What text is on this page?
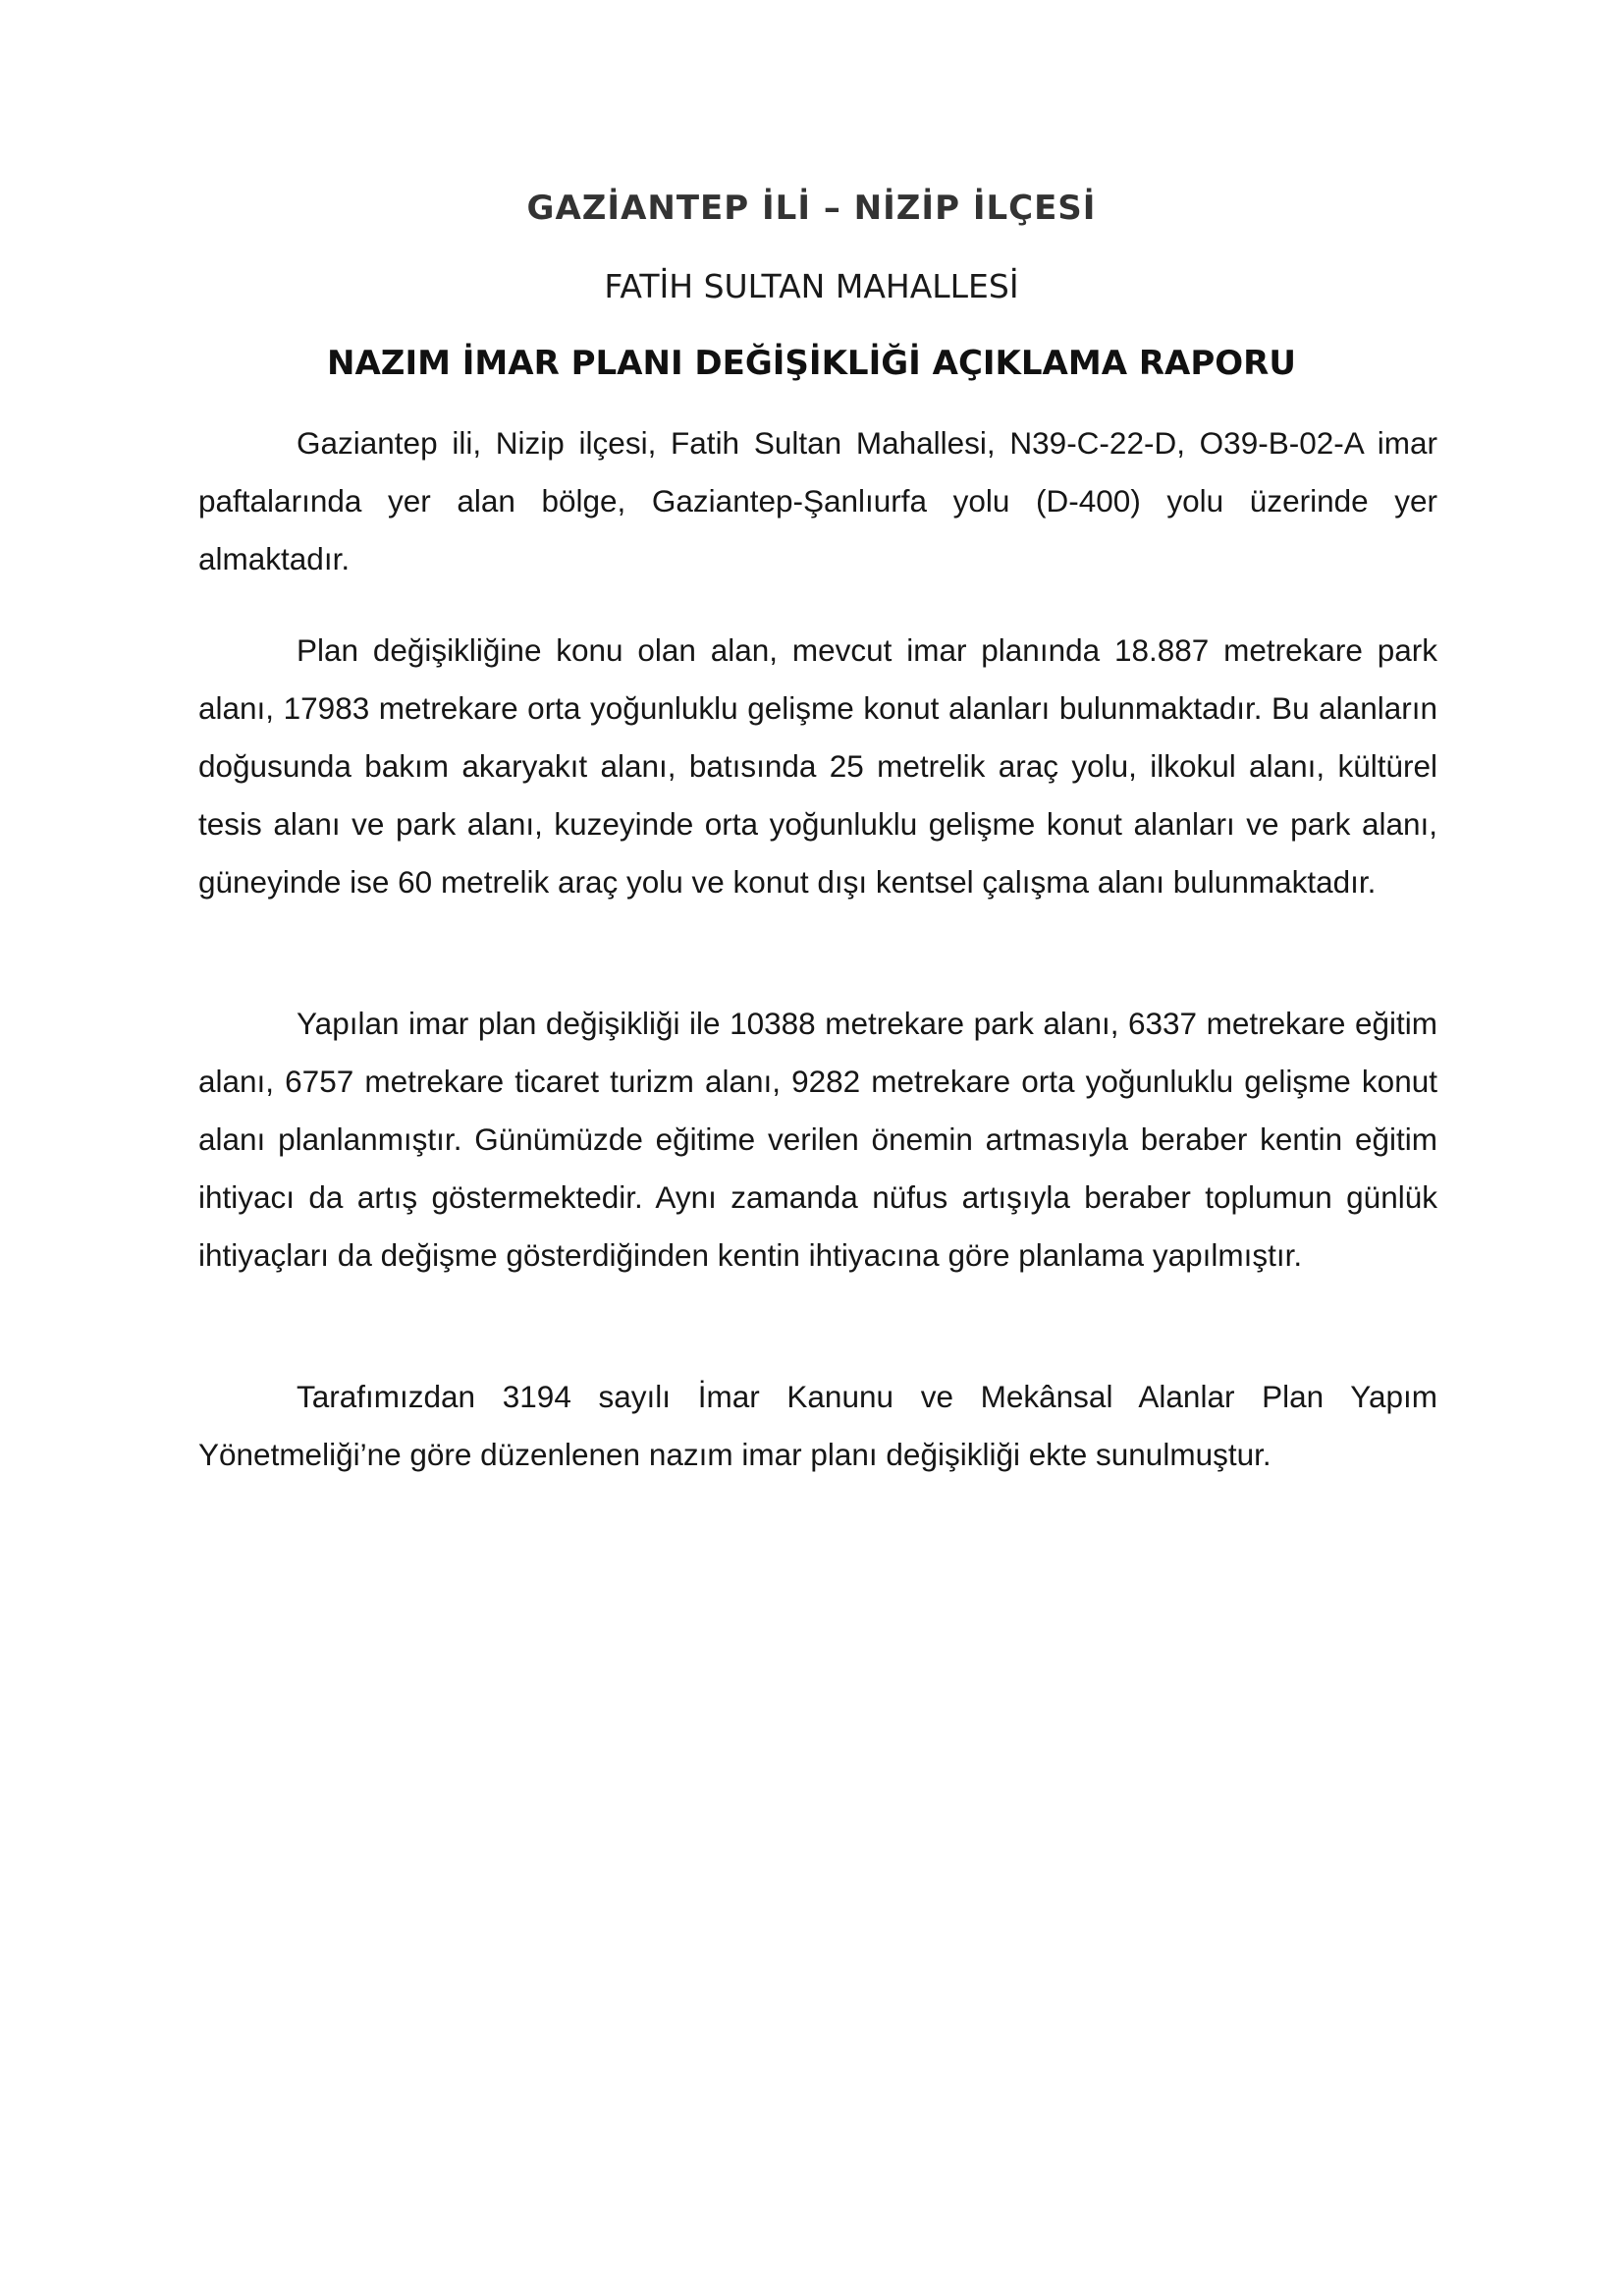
GAZİANTEP İLİ – NİZİP İLÇESİ
FATİH SULTAN MAHALLESİ
NAZIM İMAR PLANI DEĞİŞİKLİĞİ AÇIKLAMA RAPORU

Gaziantep ili, Nizip ilçesi, Fatih Sultan Mahallesi, N39-C-22-D, O39-B-02-A imar paftalarında yer alan bölge, Gaziantep-Şanlıurfa yolu (D-400) yolu üzerinde yer almaktadır.

Plan değişikliğine konu olan alan, mevcut imar planında 18.887 metrekare park alanı, 17983 metrekare orta yoğunluklu gelişme konut alanları bulunmaktadır. Bu alanların doğusunda bakım akaryakıt alanı, batısında 25 metrelik araç yolu, ilkokul alanı, kültürel tesis alanı ve park alanı, kuzeyinde orta yoğunluklu gelişme konut alanları ve park alanı, güneyinde ise 60 metrelik araç yolu ve konut dışı kentsel çalışma alanı bulunmaktadır.

Yapılan imar plan değişikliği ile 10388 metrekare park alanı, 6337 metrekare eğitim alanı, 6757 metrekare ticaret turizm alanı, 9282 metrekare orta yoğunluklu gelişme konut alanı planlanmıştır. Günümüzde eğitime verilen önemin artmasıyla beraber kentin eğitim ihtiyacı da artış göstermektedir. Aynı zamanda nüfus artışıyla beraber toplumun günlük ihtiyaçları da değişme gösterdiğinden kentin ihtiyacına göre planlama yapılmıştır.

Tarafımızdan 3194 sayılı İmar Kanunu ve Mekânsal Alanlar Plan Yapım Yönetmeliği’ne göre düzenlenen nazım imar planı değişikliği ekte sunulmuştur.
